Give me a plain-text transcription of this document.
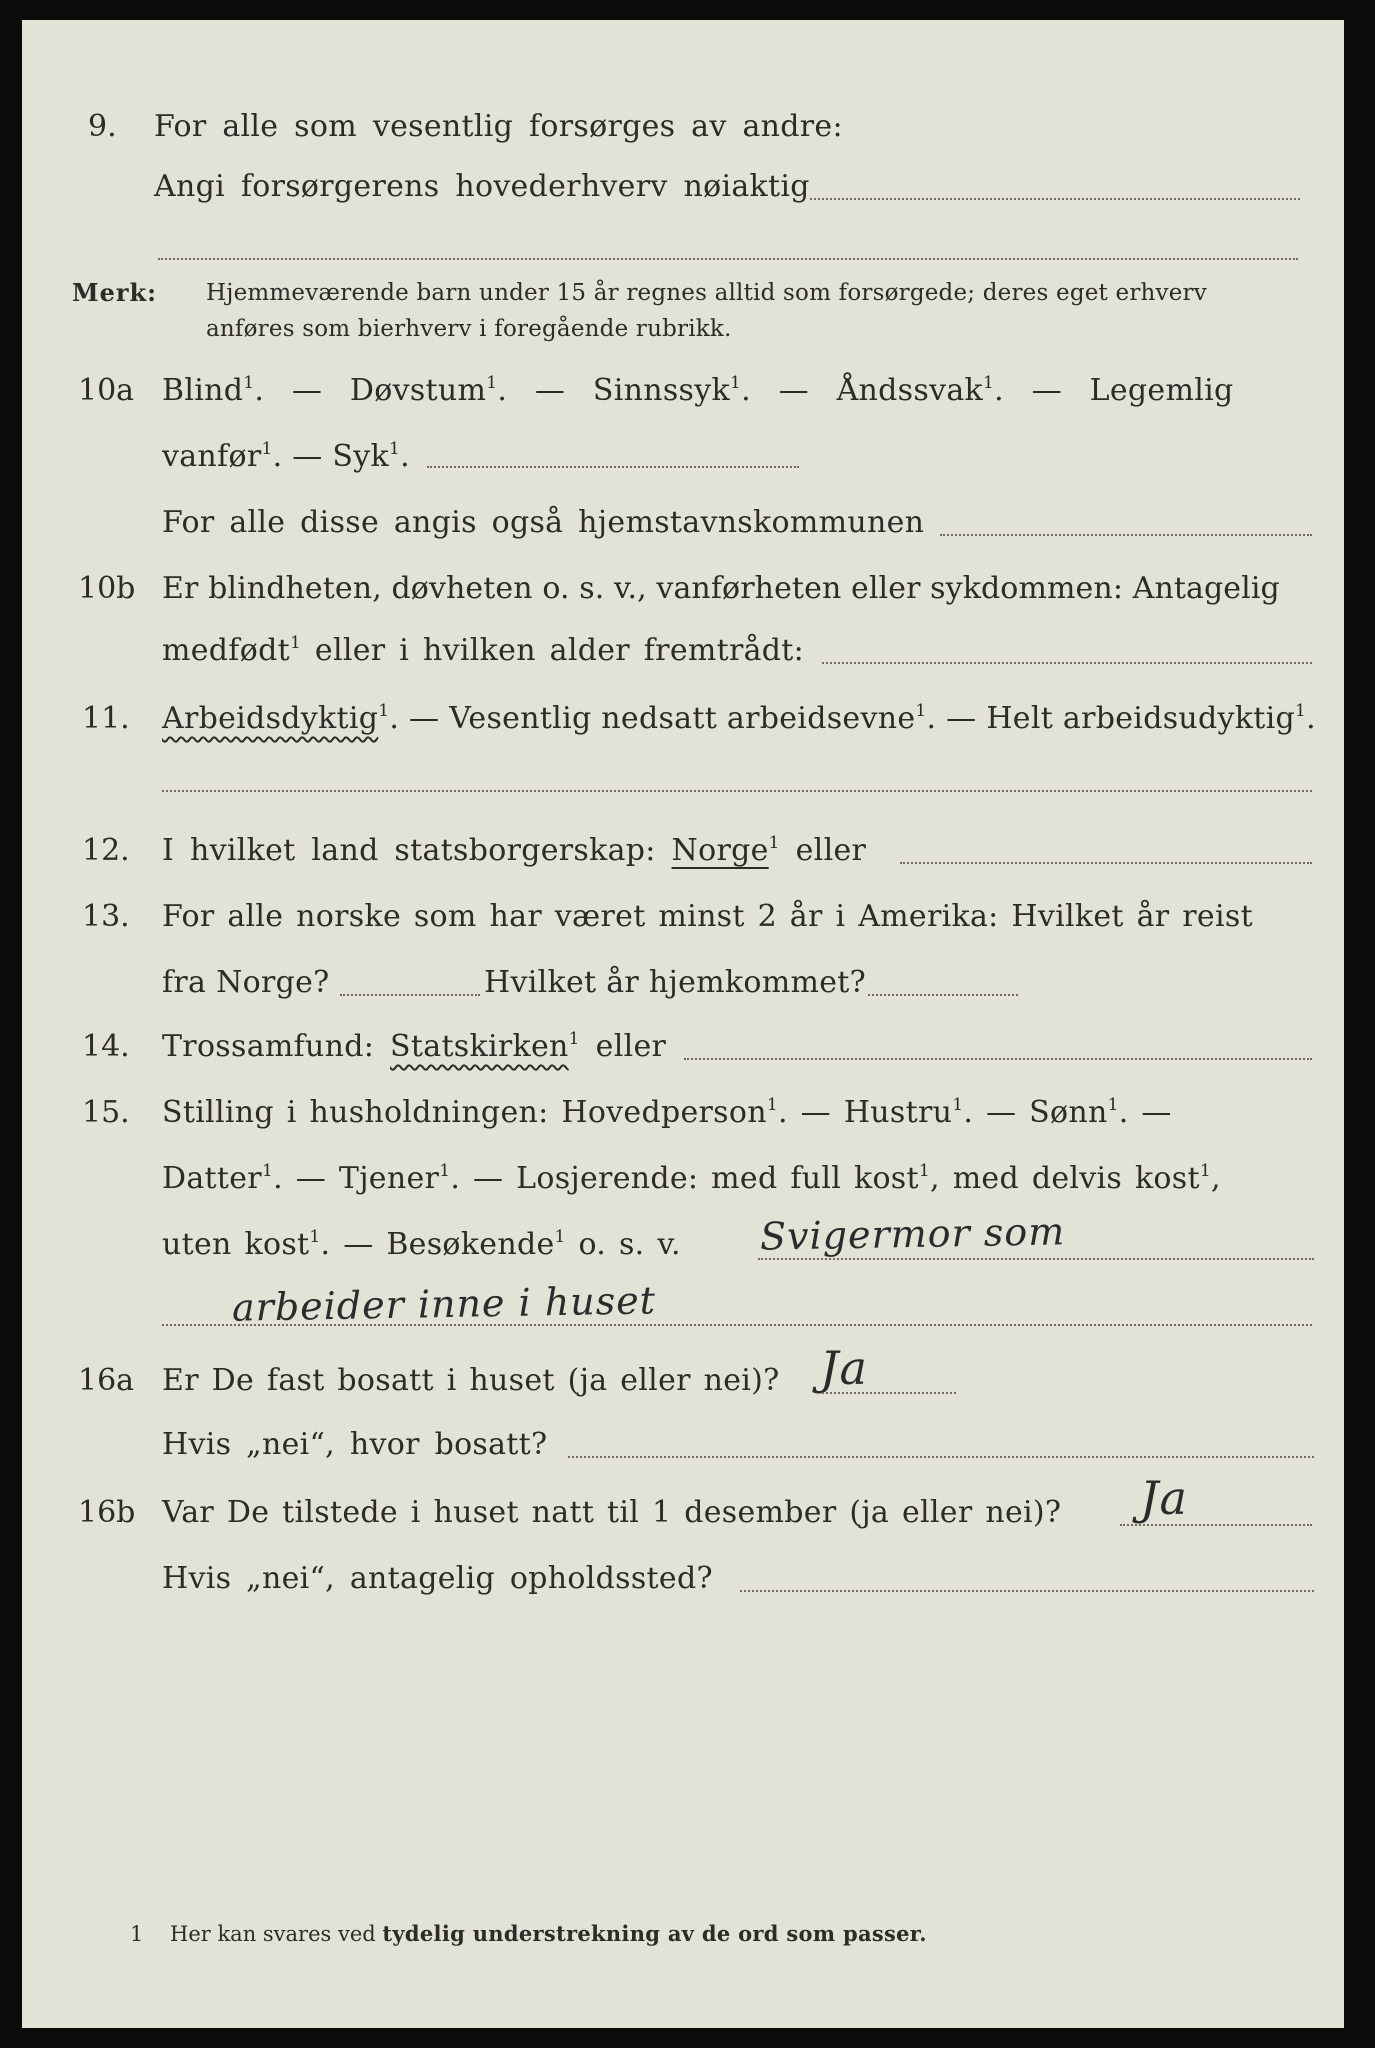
9. For alle som vesentlig forsørges av andre:
Angi forsørgerens hovederhverv nøiaktig
Merk: Hjemmeværende barn under 15 år regnes alltid som forsørgede; deres eget erhverv
anføres som bierhverv i foregående rubrikk.
10a Blind$^1$.  —  Døvstum$^1$.  —  Sinnssyk$^1$.  —  Åndssvak$^1$.  —  Legemlig
vanfør$^1$. — Syk$^1$.
For alle disse angis også hjemstavnskommunen
10b Er blindheten, døvheten o. s. v., vanførheten eller sykdommen: Antagelig
medfødt$^1$ eller i hvilken alder fremtrådt:
11. Arbeidsdyktig$^1$. — Vesentlig nedsatt arbeidsevne$^1$. — Helt arbeidsudyktig$^1$.
12. I hvilket land statsborgerskap: Norge$^1$ eller
13. For alle norske som har været minst 2 år i Amerika: Hvilket år reist
fra Norge?	Hvilket år hjemkommet?
14. Trossamfund: Statskirken$^1$ eller
15. Stilling i husholdningen: Hovedperson$^1$. — Hustru$^1$. — Sønn$^1$. —
Datter$^1$. — Tjener$^1$. — Losjerende: med full kost$^1$, med delvis kost$^1$,
uten kost$^1$. — Besøkende$^1$ o. s. v. Svigermor som
arbeider inne i huset
16a Er De fast bosatt i huset (ja eller nei)? Ja
Hvis „nei“, hvor bosatt?
16b Var De tilstede i huset natt til 1 desember (ja eller nei)? Ja
Hvis „nei“, antagelig opholdssted?
1 Her kan svares ved tydelig understrekning av de ord som passer.
